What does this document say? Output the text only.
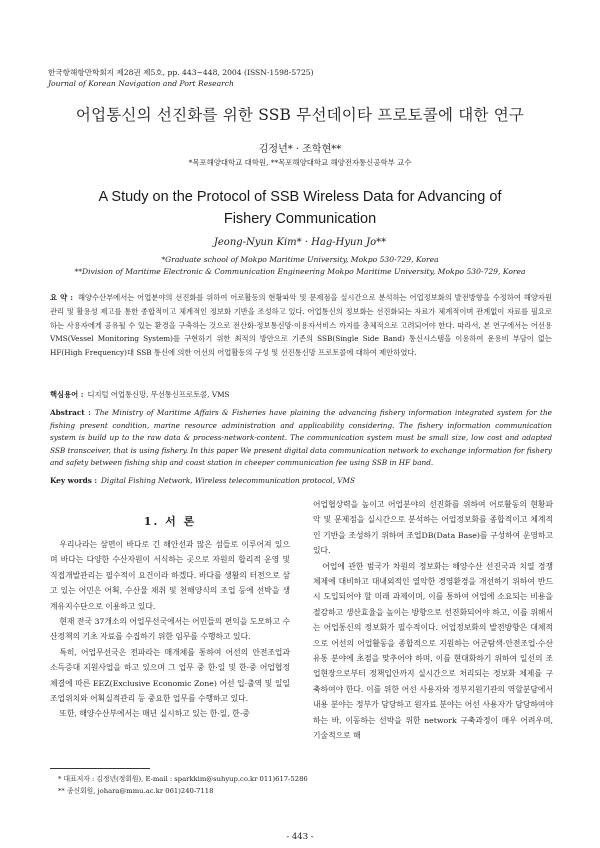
한국항해항만학회지 제28권 제5호, pp. 443~448, 2004 (ISSN-1598-5725)
Journal of Korean Navigation and Port Research
어업통신의 선진화를 위한 SSB 무선데이타 프로토콜에 대한 연구
김정년* · 조학현**
*목포해양대학교 대학원, **목포해양대학교 해양전자통신공학부 교수
A Study on the Protocol of SSB Wireless Data for Advancing of
Fishery Communication
Jeong-Nyun Kim* · Hag-Hyun Jo**
*Graduate school of Mokpo Maritime University, Mokpo 530-729, Korea
**Division of Maritime Electronic & Communication Engineering Mokpo Maritime University, Mokpo 530-729, Korea
요 약 : 해양수산부에서는 어업분야의 선진화를 위하여 어로활동의 현황파악 및 문제점을 실시간으로 분석하는 어업정보화의 발전방향을 수정하여 해양자원 관리 및 활용성 제고를 통한 종합적이고 체계적인 정보화 기반을 조성하고 있다. 어업통신의 정보화는 선진화되는 자료가 체계적이며 관계없이 자료를 필요로 하는 사용자에게 공유될 수 있는 환경을 구축하는 것으로 전산화·정보통신망·이용자서비스 까지를 총체적으로 고려되어야 한다. 따라서, 본 연구에서는 어선용 VMS(Vessel Monitoring System)를 구현하기 위한 최적의 방안으로 기존의 SSB(Single Side Band) 통신시스템을 이용하여 운용비 부담이 없는 HF(High Frequency)대 SSB 통신에 의한 어선의 어업활동의 구성 및 선진통신망 프로토콜에 대하여 제안하였다.
핵심용어 : 디지털 어업통신망, 무선통신프로토콜, VMS
Abstract : The Ministry of Maritime Affairs & Fisheries have plaining the advancing fishery information integrated system for the fishing present condition, marine resource administration and applicability considering. The fishery information communication system is build up to the raw data & process-network-content. The communication system must be small size, low cost and adapted SSB transceiver, that is using fishery. In this paper We present digital data communication network to exchange information for fishery and safety between fishing ship and coast station in cheeper communication fee using SSB in HF band.
Key words : Digital Fishing Network, Wireless telecommunication protocol, VMS
1. 서 론

우리나라는 삼면이 바다로 긴 해안선과 많은 섬들로 이루어져 있으며 바다는 다양한 수산자원이 서식하는 곳으로 자원의 합리적 운영 및 직접개발관리는 필수적이 요건이라 하겠다. 바다를 생활의 터전으로 삼고 있는 어민은 어획, 수산물 채취 및 천해양식의 조업 등에 선박을 생계유지수단으로 이용하고 있다.

현재 전국 37개소의 어업무선국에서는 어민들의 편익을 도모하고 수산정책의 기초 자료를 수집하기 위한 임무를 수행하고 있다.

특히, 어업무선국은 전파라는 매개체를 통하여 어선의 안전조업과 소득증대 지원사업을 하고 있으며 그 업무 중 한·일 및 한·중 어업협정 체결에 따른 EEZ(Exclusive Economic Zone) 어선 입·출역 및 일일조업위치와 어획실적관리 등 중요한 업무를 수행하고 있다.

또한, 해양수산부에서는 매년 실시하고 있는 한·일, 한·중

어업협상력을 높이고 어업분야의 선진화를 위하여 어로활동의 현황파악 및 문제점을 실시간으로 분석하는 어업정보화를 종합적이고 체계적인 기반을 조성하기 위하여 조업DB(Data Base)를 구성하여 운영하고 있다.

어업에 관한 범국가 차원의 정보화는 해양수산 선진국과 치열 경쟁체제에 대비하고 대내외적인 열악한 경영환경을 개선하기 위하여 반드시 도입되어야 할 미래 과제이며, 이를 통하여 어업에 소요되는 비용을 절감하고 생산효율을 높이는 방향으로 선진화되어야 하고, 이를 위해서는 어업통신의 정보화가 필수적이다. 어업정보화의 발전방향은 대체적으로 어선의 어업활동을 종합적으로 지원하는 어군탐색·안전조업·수산유통 분야에 초점을 맞추어야 하며, 이를 현대화하기 위하여 일선의 조업현장으로부터 정책입안까지 실시간으로 처리되는 정보화 체제를 구축하여야 한다. 이를 위한 어선 사용자와 정부지원기관의 역할분담에서 내용 분야는 정부가 담당하고 원자료 분야는 어선 사용자가 담당하여야 하는 바, 이동하는 선박을 위한 network 구축과정이 매우 어려우며, 기술적으로 해

* 대표저자 : 김정년(정회원), E-mail : sparkkim@suhyup.co.kr 011)617-5286
** 종신회원, johara@mmu.ac.kr 061)240-7118
- 443 -
